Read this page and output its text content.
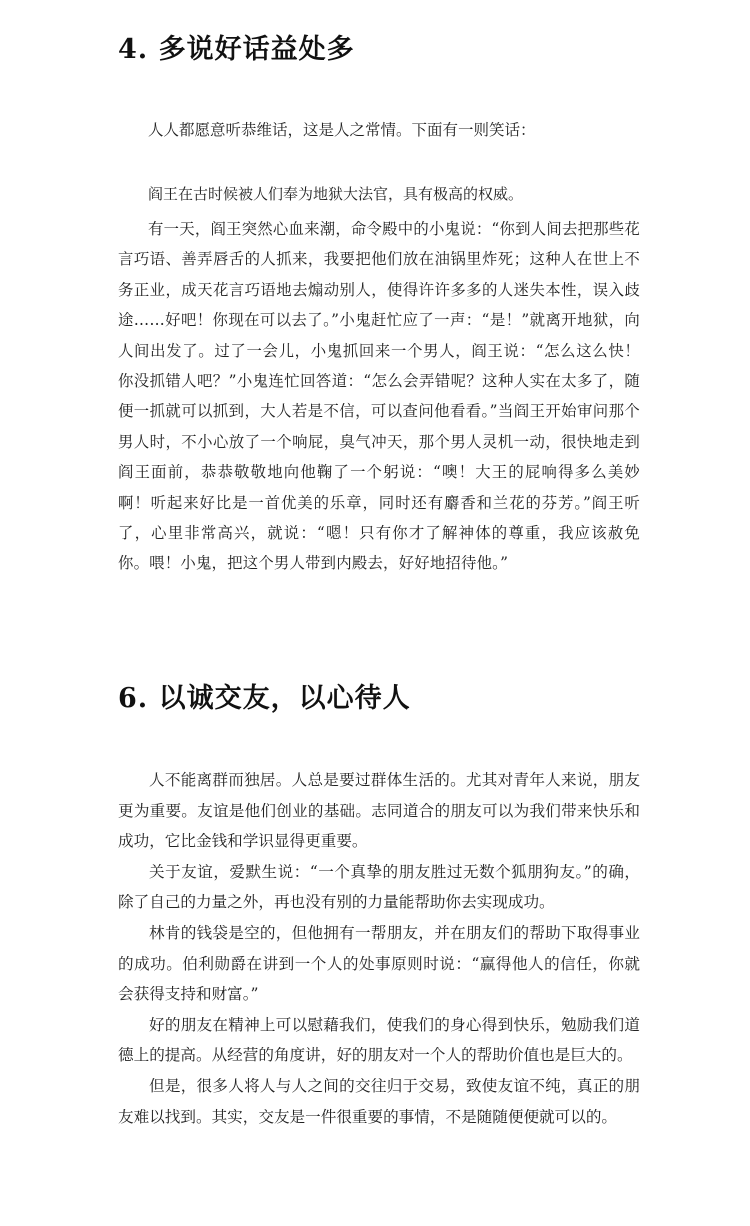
4. 多说好话益处多

人人都愿意听恭维话，这是人之常情。下面有一则笑话：

阎王在古时候被人们奉为地狱大法官，具有极高的权威。

有一天，阎王突然心血来潮，命令殿中的小鬼说：“你到人间去把那些花言巧语、善弄唇舌的人抓来，我要把他们放在油锅里炸死；这种人在世上不务正业，成天花言巧语地去煽动别人，使得许许多多的人迷失本性，误入歧途……好吧！你现在可以去了。”小鬼赶忙应了一声：“是！”就离开地狱，向人间出发了。过了一会儿，小鬼抓回来一个男人，阎王说：“怎么这么快！你没抓错人吧？”小鬼连忙回答道：“怎么会弄错呢？这种人实在太多了，随便一抓就可以抓到，大人若是不信，可以查问他看看。”当阎王开始审问那个男人时，不小心放了一个响屁，臭气冲天，那个男人灵机一动，很快地走到阎王面前，恭恭敬敬地向他鞠了一个躬说：“噢！大王的屁响得多么美妙啊！听起来好比是一首优美的乐章，同时还有麝香和兰花的芬芳。”阎王听了，心里非常高兴，就说：“嗯！只有你才了解神体的尊重，我应该赦免你。喂！小鬼，把这个男人带到内殿去，好好地招待他。”

6. 以诚交友，以心待人

人不能离群而独居。人总是要过群体生活的。尤其对青年人来说，朋友更为重要。友谊是他们创业的基础。志同道合的朋友可以为我们带来快乐和成功，它比金钱和学识显得更重要。

关于友谊，爱默生说：“一个真挚的朋友胜过无数个狐朋狗友。”的确，除了自己的力量之外，再也没有别的力量能帮助你去实现成功。

林肯的钱袋是空的，但他拥有一帮朋友，并在朋友们的帮助下取得事业的成功。伯利勋爵在讲到一个人的处事原则时说：“赢得他人的信任，你就会获得支持和财富。”

好的朋友在精神上可以慰藉我们，使我们的身心得到快乐，勉励我们道德上的提高。从经营的角度讲，好的朋友对一个人的帮助价值也是巨大的。

但是，很多人将人与人之间的交往归于交易，致使友谊不纯，真正的朋友难以找到。其实，交友是一件很重要的事情，不是随随便便就可以的。
